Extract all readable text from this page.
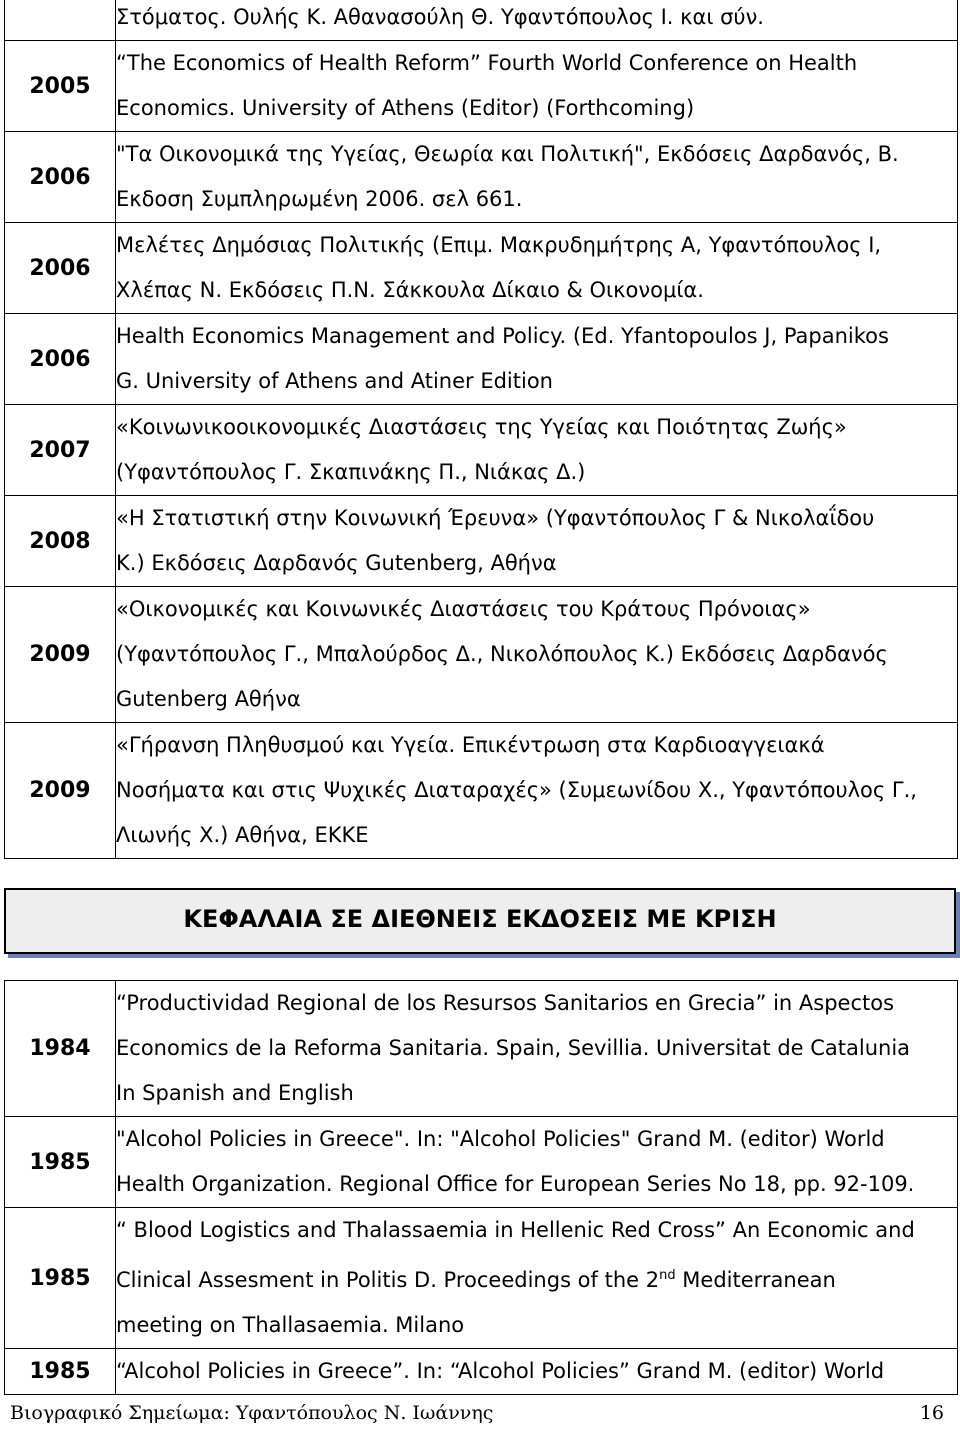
	Στόματος. Ουλής Κ. Αθανασούλη Θ. Υφαντόπουλος Ι. και σύν.

2005	“The Economics of Health Reform” Fourth World Conference on Health
Economics. University of Athens (Editor) (Forthcoming)

2006	"Τα Οικονομικά της Υγείας, Θεωρία και Πολιτική", Εκδόσεις Δαρδανός, Β.
Εκδοση Συμπληρωμένη 2006. σελ 661.

2006	Μελέτες Δημόσιας Πολιτικής (Επιμ. Μακρυδημήτρης Α, Υφαντόπουλος Ι,
Χλέπας Ν. Εκδόσεις Π.Ν. Σάκκουλα Δίκαιο & Οικονομία.

2006	Health Economics Management and Policy. (Ed. Yfantopoulos J, Papanikos
G. University of Athens and Atiner Edition

2007	«Κοινωνικοοικονομικές Διαστάσεις της Υγείας και Ποιότητας Ζωής»
(Υφαντόπουλος Γ. Σκαπινάκης Π., Νιάκας Δ.)

2008	«Η Στατιστική στην Κοινωνική Έρευνα» (Υφαντόπουλος Γ & Νικολαΐδου
Κ.) Εκδόσεις Δαρδανός Gutenberg, Αθήνα

2009	«Οικονομικές και Κοινωνικές Διαστάσεις του Κράτους Πρόνοιας»
(Υφαντόπουλος Γ., Μπαλούρδος Δ., Νικολόπουλος Κ.) Εκδόσεις Δαρδανός
Gutenberg Αθήνα

2009	«Γήρανση Πληθυσμού και Υγεία. Επικέντρωση στα Καρδιοαγγειακά
Νοσήματα και στις Ψυχικές Διαταραχές» (Συμεωνίδου Χ., Υφαντόπουλος Γ.,
Λιωνής Χ.) Αθήνα, ΕΚΚΕ
ΚΕΦΑΛΑΙΑ ΣΕ ΔΙΕΘΝΕΙΣ ΕΚΔΟΣΕΙΣ ΜΕ ΚΡΙΣΗ
1984	“Productividad Regional de los Resursos Sanitarios en Grecia” in Aspectos
Economics de la Reforma Sanitaria. Spain, Sevillia. Universitat de Catalunia
In Spanish and English

1985	"Alcohol Policies in Greece". In: "Alcohol Policies" Grand M. (editor) World
Health Organization. Regional Office for European Series No 18, pp. 92-109.

1985	“ Blood Logistics and Thalassaemia in Hellenic Red Cross” An Economic and
Clinical Assesment in Politis D. Proceedings of the 2nd Mediterranean
meeting on Thallasaemia. Milano

1985	“Alcohol Policies in Greece”. In: “Alcohol Policies” Grand M. (editor) World
Βιογραφικό Σημείωμα: Υφαντόπουλος Ν. Ιωάννης	16
